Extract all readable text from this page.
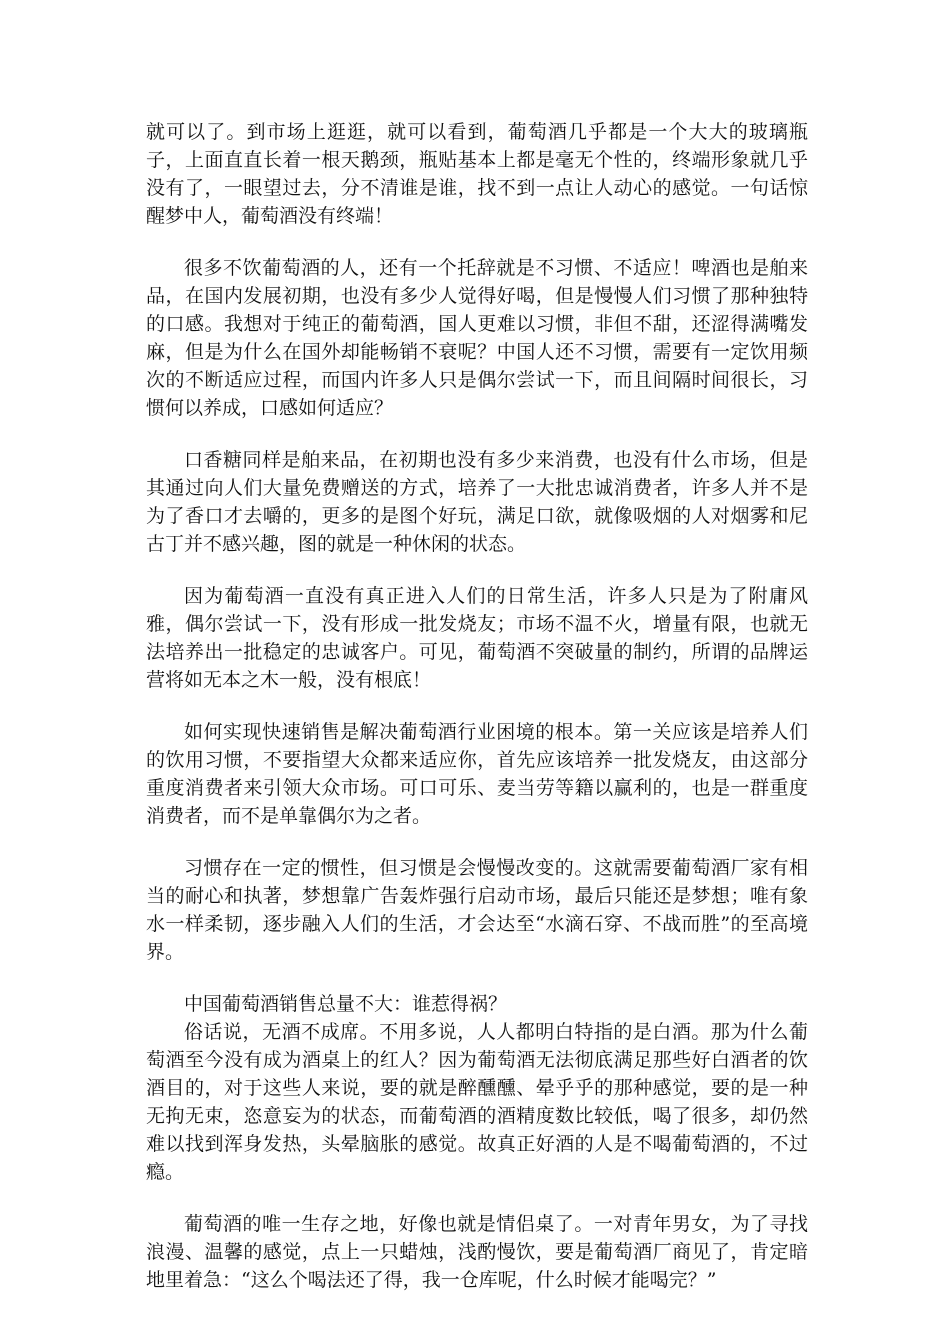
就可以了。到市场上逛逛，就可以看到，葡萄酒几乎都是一个大大的玻璃瓶子，上面直直长着一根天鹅颈，瓶贴基本上都是毫无个性的，终端形象就几乎没有了，一眼望过去，分不清谁是谁，找不到一点让人动心的感觉。一句话惊醒梦中人，葡萄酒没有终端！

很多不饮葡萄酒的人，还有一个托辞就是不习惯、不适应！啤酒也是舶来品，在国内发展初期，也没有多少人觉得好喝，但是慢慢人们习惯了那种独特的口感。我想对于纯正的葡萄酒，国人更难以习惯，非但不甜，还涩得满嘴发麻，但是为什么在国外却能畅销不衰呢？中国人还不习惯，需要有一定饮用频次的不断适应过程，而国内许多人只是偶尔尝试一下，而且间隔时间很长，习惯何以养成，口感如何适应？

口香糖同样是舶来品，在初期也没有多少来消费，也没有什么市场，但是其通过向人们大量免费赠送的方式，培养了一大批忠诚消费者，许多人并不是为了香口才去嚼的，更多的是图个好玩，满足口欲，就像吸烟的人对烟雾和尼古丁并不感兴趣，图的就是一种休闲的状态。

因为葡萄酒一直没有真正进入人们的日常生活，许多人只是为了附庸风雅，偶尔尝试一下，没有形成一批发烧友；市场不温不火，增量有限，也就无法培养出一批稳定的忠诚客户。可见，葡萄酒不突破量的制约，所谓的品牌运营将如无本之木一般，没有根底！

如何实现快速销售是解决葡萄酒行业困境的根本。第一关应该是培养人们的饮用习惯，不要指望大众都来适应你，首先应该培养一批发烧友，由这部分重度消费者来引领大众市场。可口可乐、麦当劳等籍以赢利的，也是一群重度消费者，而不是单靠偶尔为之者。

习惯存在一定的惯性，但习惯是会慢慢改变的。这就需要葡萄酒厂家有相当的耐心和执著，梦想靠广告轰炸强行启动市场，最后只能还是梦想；唯有象水一样柔韧，逐步融入人们的生活，才会达至“水滴石穿、不战而胜”的至高境界。

中国葡萄酒销售总量不大：谁惹得祸？

俗话说，无酒不成席。不用多说，人人都明白特指的是白酒。那为什么葡萄酒至今没有成为酒桌上的红人？因为葡萄酒无法彻底满足那些好白酒者的饮酒目的，对于这些人来说，要的就是醉醺醺、晕乎乎的那种感觉，要的是一种无拘无束，恣意妄为的状态，而葡萄酒的酒精度数比较低，喝了很多，却仍然难以找到浑身发热，头晕脑胀的感觉。故真正好酒的人是不喝葡萄酒的，不过瘾。

葡萄酒的唯一生存之地，好像也就是情侣桌了。一对青年男女，为了寻找浪漫、温馨的感觉，点上一只蜡烛，浅酌慢饮，要是葡萄酒厂商见了，肯定暗地里着急：“这么个喝法还了得，我一仓库呢，什么时候才能喝完？”
